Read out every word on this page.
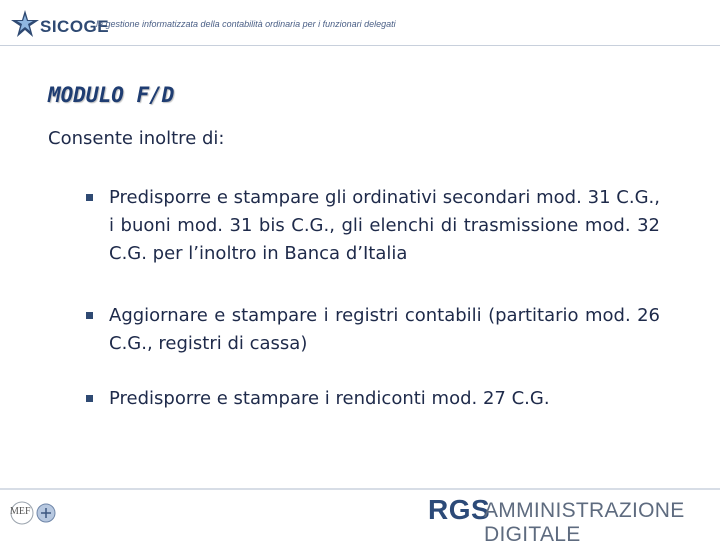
SICOGE
la gestione informatizzata della contabilità ordinaria per i funzionari delegati
MODULO F/D
Consente inoltre di:
Predisporre e stampare gli ordinativi secondari mod. 31 C.G., i buoni mod. 31 bis C.G., gli elenchi di trasmissione mod. 32 C.G. per l’inoltro in Banca d’Italia
Aggiornare e stampare i registri contabili (partitario mod. 26 C.G., registri di cassa)
Predisporre e stampare i rendiconti mod. 27 C.G.
MEF	RGS
AMMINISTRAZIONE DIGITALE
